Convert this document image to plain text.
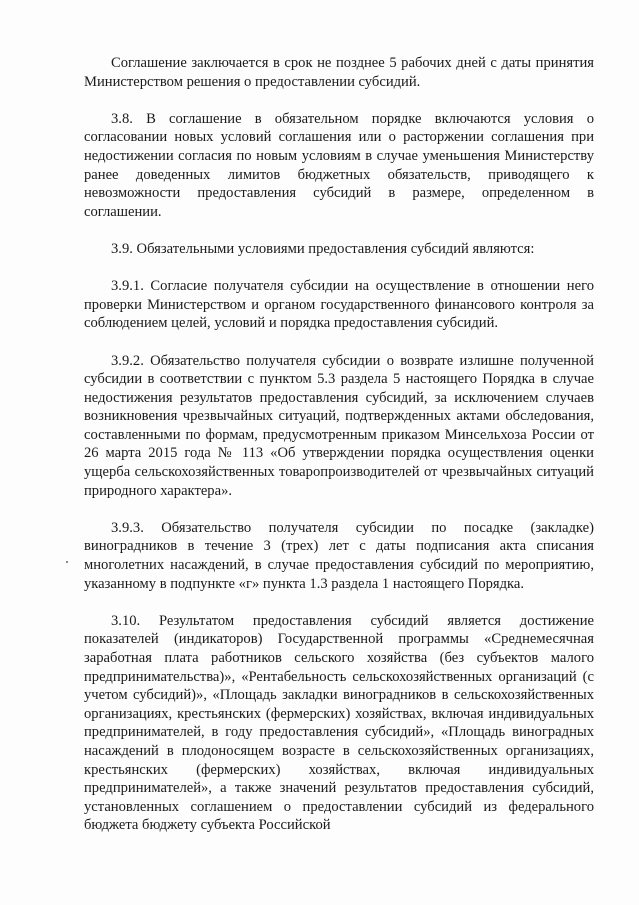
Соглашение заключается в срок не позднее 5 рабочих дней с даты принятия Министерством решения о предоставлении субсидий.

3.8. В соглашение в обязательном порядке включаются условия о согласовании новых условий соглашения или о расторжении соглашения при недостижении согласия по новым условиям в случае уменьшения Министерству ранее доведенных лимитов бюджетных обязательств, приводящего к невозможности предоставления субсидий в размере, определенном в соглашении.

3.9. Обязательными условиями предоставления субсидий являются:

3.9.1. Согласие получателя субсидии на осуществление в отношении него проверки Министерством и органом государственного финансового контроля за соблюдением целей, условий и порядка предоставления субсидий.

3.9.2. Обязательство получателя субсидии о возврате излишне полученной субсидии в соответствии с пунктом 5.3 раздела 5 настоящего Порядка в случае недостижения результатов предоставления субсидий, за исключением случаев возникновения чрезвычайных ситуаций, подтвержденных актами обследования, составленными по формам, предусмотренным приказом Минсельхоза России от 26 марта 2015 года № 113 «Об утверждении порядка осуществления оценки ущерба сельскохозяйственных товаропроизводителей от чрезвычайных ситуаций природного характера».

3.9.3. Обязательство получателя субсидии по посадке (закладке) виноградников в течение 3 (трех) лет с даты подписания акта списания многолетних насаждений, в случае предоставления субсидий по мероприятию, указанному в подпункте «г» пункта 1.3 раздела 1 настоящего Порядка.

3.10. Результатом предоставления субсидий является достижение показателей (индикаторов) Государственной программы «Среднемесячная заработная плата работников сельского хозяйства (без субъектов малого предпринимательства)», «Рентабельность сельскохозяйственных организаций (с учетом субсидий)», «Площадь закладки виноградников в сельскохозяйственных организациях, крестьянских (фермерских) хозяйствах, включая индивидуальных предпринимателей, в году предоставления субсидий», «Площадь виноградных насаждений в плодоносящем возрасте в сельскохозяйственных организациях, крестьянских (фермерских) хозяйствах, включая индивидуальных предпринимателей», а также значений результатов предоставления субсидий, установленных соглашением о предоставлении субсидий из федерального бюджета бюджету субъекта Российской
